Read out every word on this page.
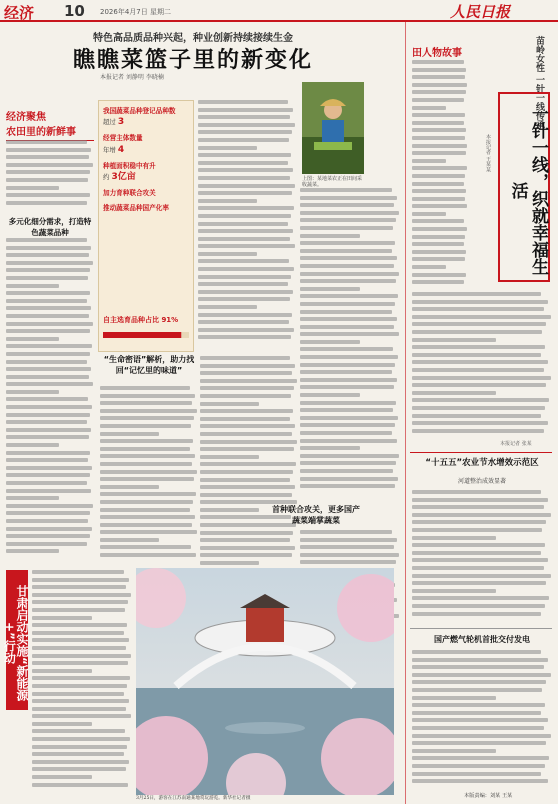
经济 10 2026年4月7日 星期二	人民日报
特色高品质品种兴起，种业创新持续接续生金
瞧瞧菜篮子里的新变化
本报记者 刘静明 李晓楠
经济聚焦
农田里的新鲜事
多元化细分需求，打造特色蔬菜品种
我国蔬菜品种登记品种数
超过 3
经营主体数量
年增 4
种植面积稳中有升
约 3亿亩
加力育种联合攻关
推动蔬菜品种国产化率
自主选育品种占比 91%
上图：某地菜农正在田间采收蔬菜。
“生命密语”解析，助力找回“记忆里的味道”
首种联合攻关，更多国产蔬菜端掌蔬菜
甘肃启动实施“新能源+”行动
3月25日，游客在江苏南通某地赏玩游览。新华社记者摄
田人物故事	苗岭女性 一针一线传承
一针一线，织就幸福生活
本报记者 王某某
本报记者 张某
“十五五”农业节水增效示范区
河道整治成效显著
国产燃气轮机首批交付发电
本版责编：刘某 王某
